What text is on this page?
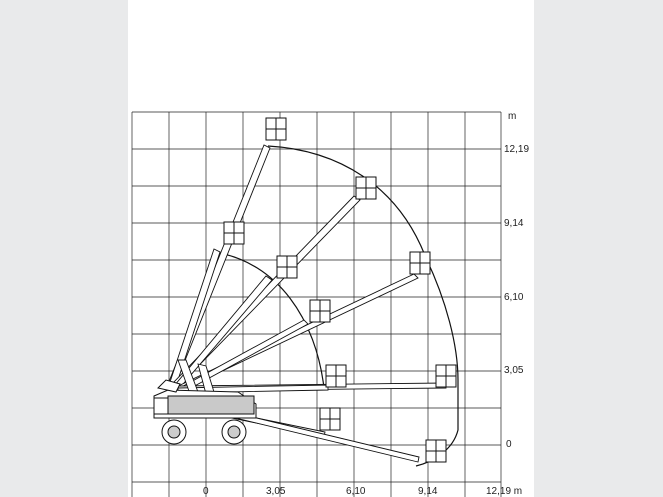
m
12,19
9,14
6,10
3,05
0
0	3,05	6,10	9,14	12,19 m
